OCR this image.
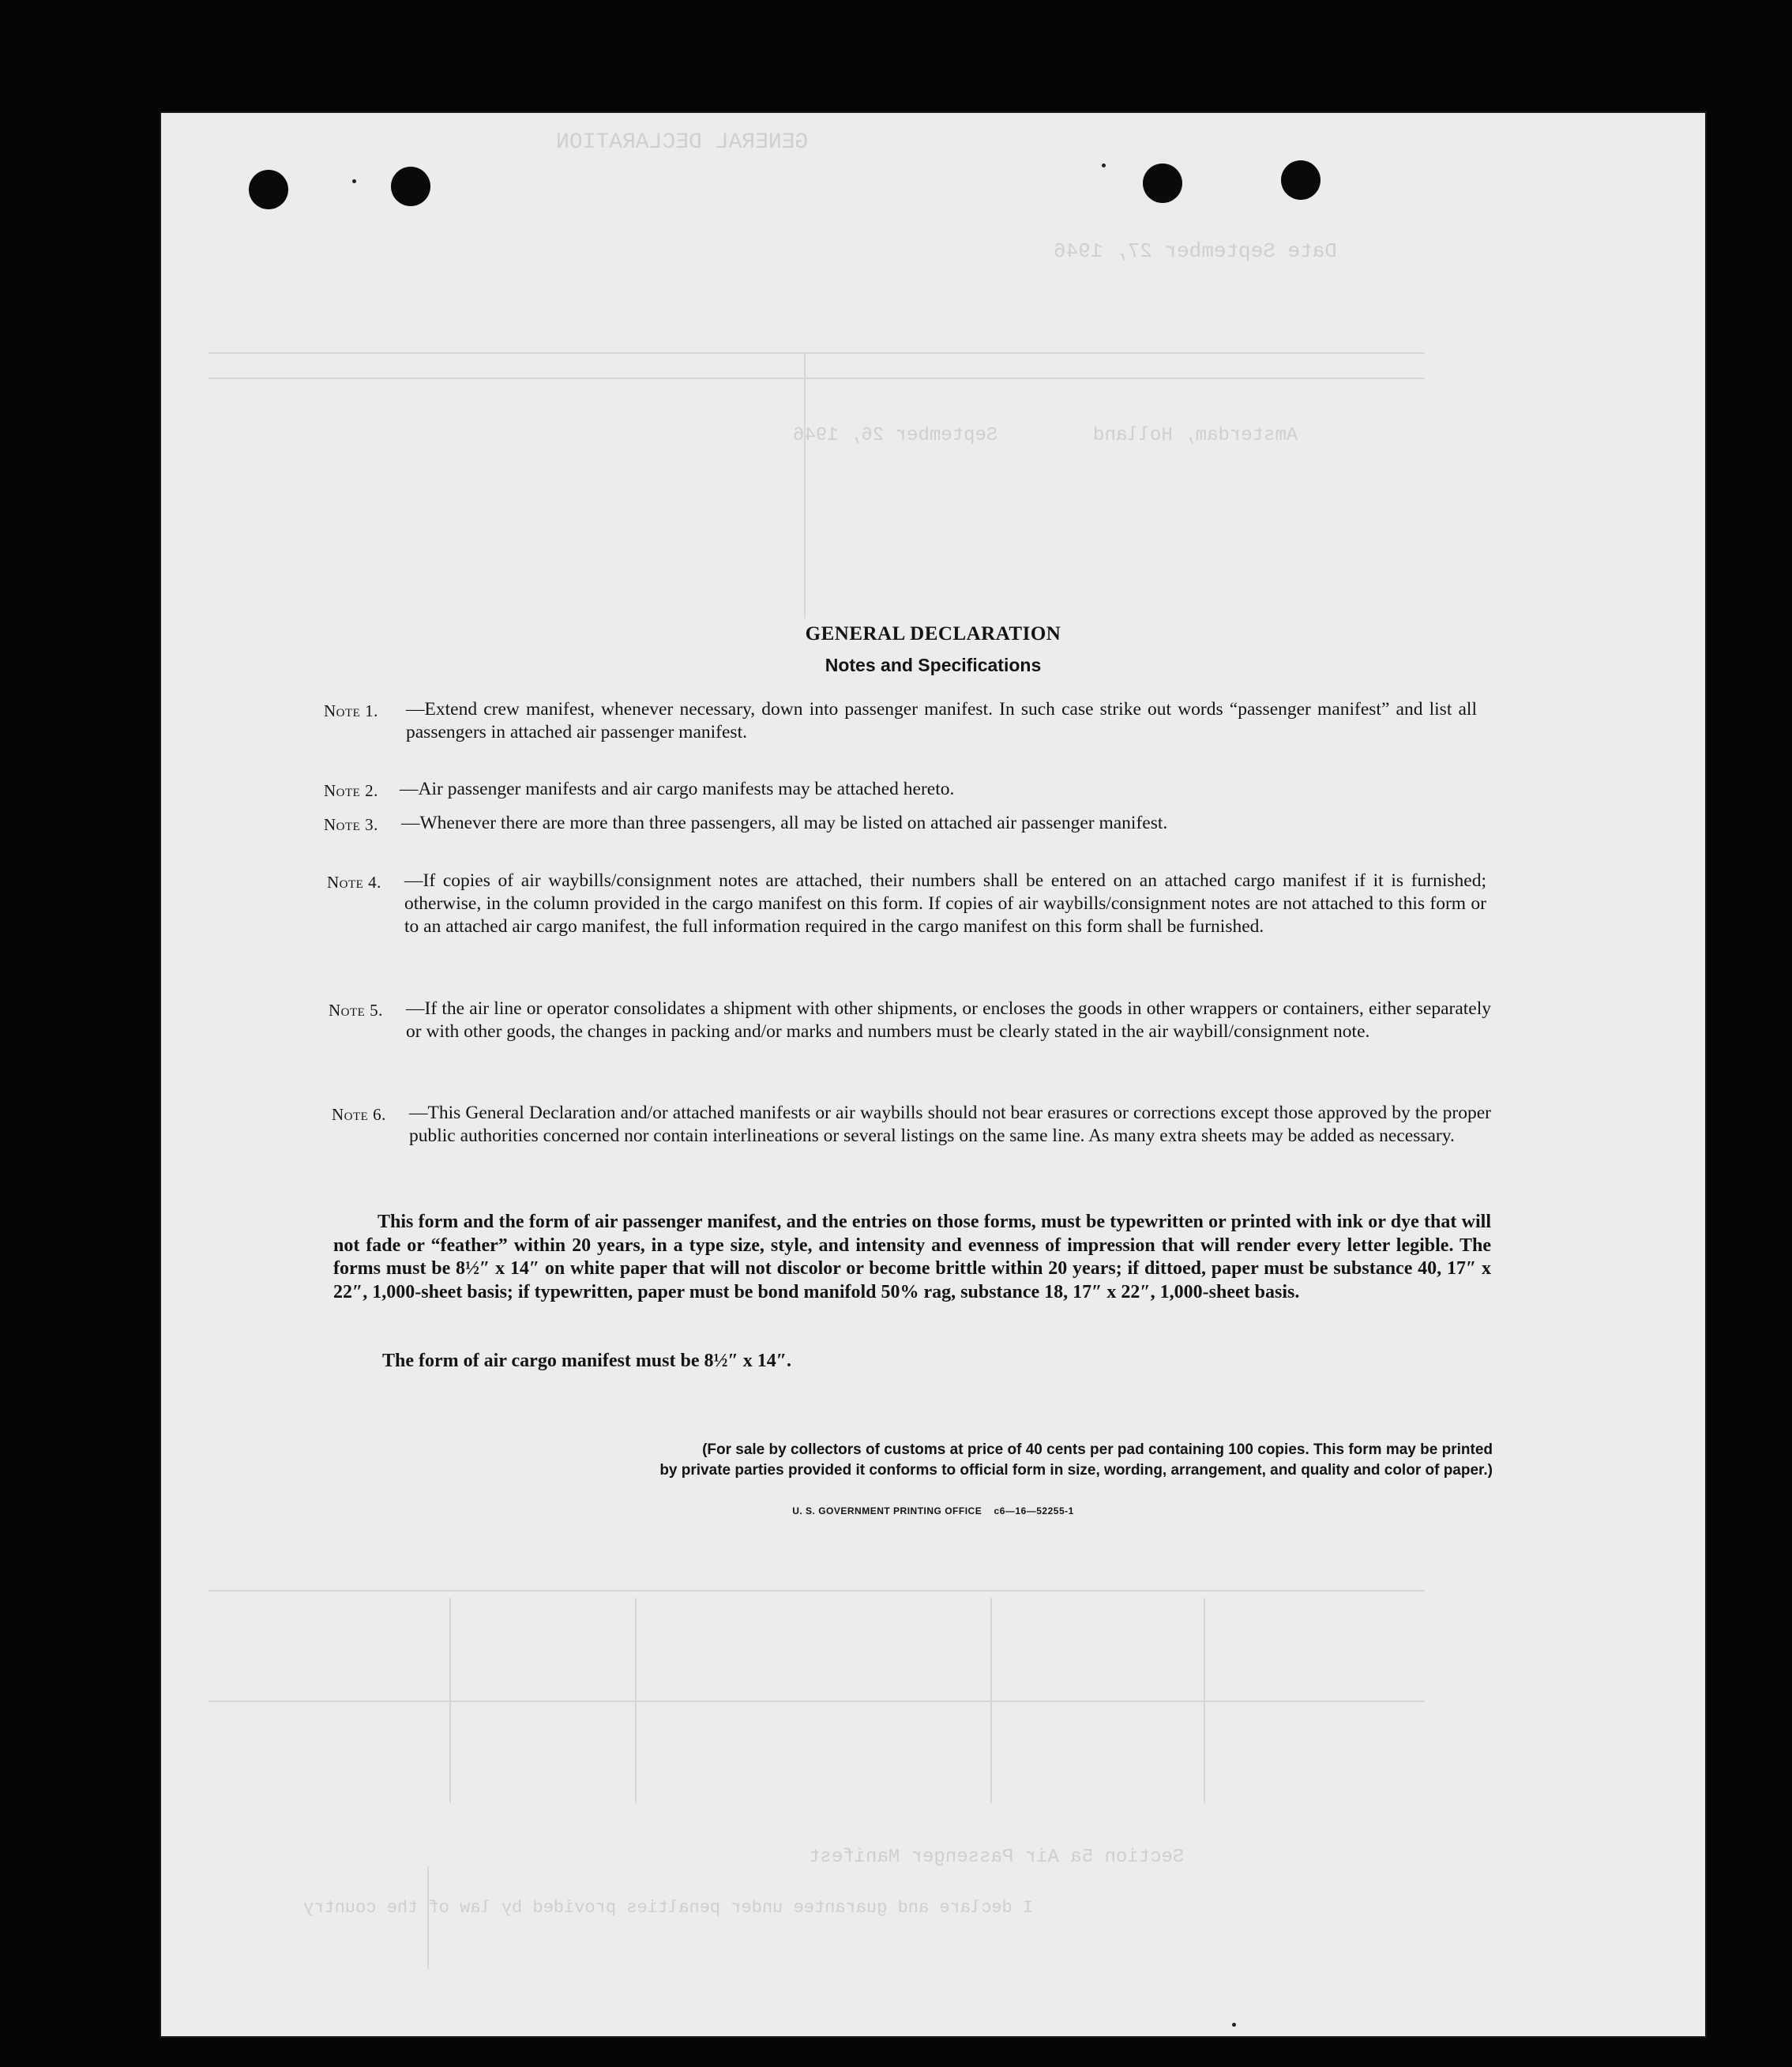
GENERAL DECLARATION
Date September 27, 1946
Amsterdam, Holland
September 26, 1946
Section 5a Air Passenger Manifest
I declare and guarantee under penalties provided by law of the country
GENERAL DECLARATION
Notes and Specifications
Note 1. —Extend crew manifest, whenever necessary, down into passenger manifest. In such case strike out words “passenger manifest” and list all passengers in attached air passenger manifest.
Note 2. —Air passenger manifests and air cargo manifests may be attached hereto.
Note 3. —Whenever there are more than three passengers, all may be listed on attached air passenger manifest.
Note 4. —If copies of air waybills/consignment notes are attached, their numbers shall be entered on an attached cargo manifest if it is furnished; otherwise, in the column provided in the cargo manifest on this form. If copies of air waybills/consignment notes are not attached to this form or to an attached air cargo manifest, the full information required in the cargo manifest on this form shall be furnished.
Note 5. —If the air line or operator consolidates a shipment with other shipments, or encloses the goods in other wrappers or containers, either separately or with other goods, the changes in packing and/or marks and numbers must be clearly stated in the air waybill/consignment note.
Note 6. —This General Declaration and/or attached manifests or air waybills should not bear erasures or corrections except those approved by the proper public authorities concerned nor contain interlineations or several listings on the same line. As many extra sheets may be added as necessary.
This form and the form of air passenger manifest, and the entries on those forms, must be typewritten or printed with ink or dye that will not fade or “feather” within 20 years, in a type size, style, and intensity and evenness of impression that will render every letter legible. The forms must be 8½″ x 14″ on white paper that will not discolor or become brittle within 20 years; if dittoed, paper must be substance 40, 17″ x 22″, 1,000-sheet basis; if typewritten, paper must be bond manifold 50% rag, substance 18, 17″ x 22″, 1,000-sheet basis.
The form of air cargo manifest must be 8½″ x 14″.
(For sale by collectors of customs at price of 40 cents per pad containing 100 copies. This form may be printed
by private parties provided it conforms to official form in size, wording, arrangement, and quality and color of paper.)
U. S. GOVERNMENT PRINTING OFFICE    c6—16—52255-1
